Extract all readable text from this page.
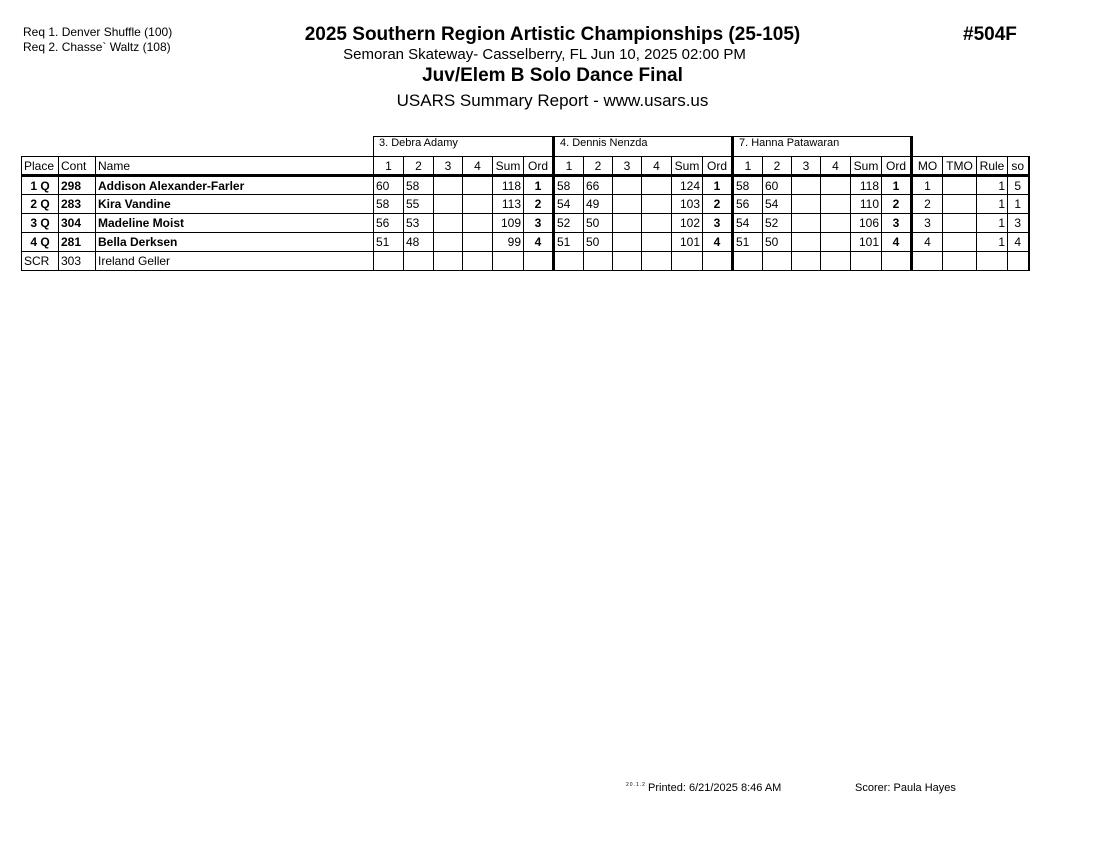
Req 1. Denver Shuffle (100)
Req 2. Chasse` Waltz (108)
2025 Southern Region Artistic Championships (25-105)
Semoran Skateway- Casselberry, FL Jun 10, 2025 02:00 PM
Juv/Elem B Solo Dance Final
USARS Summary Report - www.usars.us
#504F
			3. Debra Adamy						4. Dennis Nenzda						7. Hanna Patawaran									
Place	Cont	Name	1	2	3	4	Sum	Ord	1	2	3	4	Sum	Ord	1	2	3	4	Sum	Ord	MO	TMO	Rule	so
1 Q	298	Addison Alexander-Farler	60	58			118	1	58	66			124	1	58	60			118	1	1		1	5
2 Q	283	Kira Vandine	58	55			113	2	54	49			103	2	56	54			110	2	2		1	1
3 Q	304	Madeline Moist	56	53			109	3	52	50			102	3	54	52			106	3	3		1	3
4 Q	281	Bella Derksen	51	48			99	4	51	50			101	4	51	50			101	4	4		1	4
SCR	303	Ireland Geller																						
20.1.2 Printed: 6/21/2025 8:46 AM	Scorer: Paula Hayes
